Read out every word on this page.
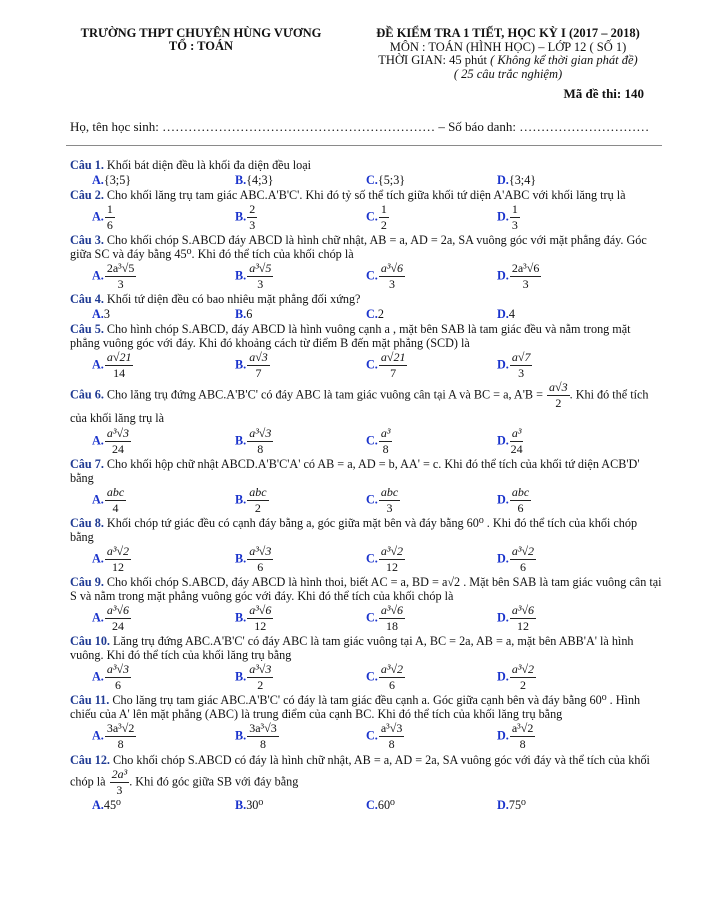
TRƯỜNG THPT CHUYÊN HÙNG VƯƠNG
TỔ : TOÁN
ĐỀ KIỂM TRA 1 TIẾT, HỌC KỲ I (2017 – 2018)
MÔN : TOÁN (HÌNH HỌC) – LỚP 12 ( SỐ 1)
THỜI GIAN: 45 phút ( Không kể thời gian phát đề)
( 25 câu trắc nghiệm)
Mã đề thi: 140
Họ, tên học sinh: ……………………………………………………… – Số báo danh: …………………………
Câu 1. Khối bát diện đều là khối đa diện đều loại
A.{3;5}	B.{4;3}	C.{5;3}	D.{3;4}
Câu 2. Cho khối lăng trụ tam giác ABC.A'B'C'. Khi đó tỷ số thể tích giữa khối tứ diện A'ABC với khối lăng trụ là
A. $\frac{1}{6}$	B. $\frac{2}{3}$	C. $\frac{1}{2}$	D. $\frac{1}{3}$
Câu 3. Cho khối chóp S.ABCD đáy ABCD là hình chữ nhật, AB = a, AD = 2a, SA vuông góc với mặt phẳng đáy. Góc giữa SC và đáy bằng 45⁰. Khi đó thể tích của khối chóp là
A. $\frac{\text{2a³√5}}{3}$	B. $\frac{\text{a³√5}}{3}$	C. $\frac{\text{a³√6}}{3}$	D. $\frac{\text{2a³√6}}{3}$
Câu 4. Khối tứ diện đều có bao nhiêu mặt phẳng đối xứng?
A.3	B.6	C.2	D.4
Câu 5. Cho hình chóp S.ABCD, đáy ABCD là hình vuông cạnh a , mặt bên SAB là tam giác đều và nằm trong mặt phẳng vuông góc với đáy. Khi đó khoảng cách từ điểm B đến mặt phẳng (SCD) là
A. $\frac{a√21}{14}$	B. $\frac{a√3}{7}$	C. $\frac{a√21}{7}$	D. $\frac{a√7}{3}$
Câu 6. Cho lăng trụ đứng ABC.A'B'C' có đáy ABC là tam giác vuông cân tại A và BC = a, $A'B = \frac{a√3}{2}$ . Khi đó thể tích của khối lăng trụ là
A. $\frac{\text{a³√3}}{24}$	B. $\frac{\text{a³√3}}{8}$	C. $\frac{\text{a³}}{8}$	D. $\frac{\text{a³}}{24}$
Câu 7. Cho khối hộp chữ nhật ABCD.A'B'C'A' có AB = a, AD = b, AA' = c. Khi đó thể tích của khối tứ diện ACB'D' bằng
A. $\frac{\text{abc}}{4}$	B. $\frac{\text{abc}}{2}$	C. $\frac{\text{abc}}{3}$	D. $\frac{\text{abc}}{6}$
Câu 8. Khối chóp tứ giác đều có cạnh đáy bằng a, góc giữa mặt bên và đáy bằng 60⁰ . Khi đó thể tích của khối chóp bằng
A. $\frac{\text{a³√2}}{12}$	B. $\frac{\text{a³√3}}{6}$	C. $\frac{\text{a³√2}}{12}$	D. $\frac{\text{a³√2}}{6}$
Câu 9. Cho khối chóp S.ABCD, đáy ABCD là hình thoi, biết AC = a, BD = a√2 . Mặt bên SAB là tam giác vuông cân tại S và nằm trong mặt phẳng vuông góc với đáy. Khi đó thể tích của khối chóp là
A. $\frac{\text{a³√6}}{24}$	B. $\frac{\text{a³√6}}{12}$	C. $\frac{\text{a³√6}}{18}$	D. $\frac{\text{a³√6}}{12}$
Câu 10. Lăng trụ đứng ABC.A'B'C' có đáy ABC là tam giác vuông tại A, BC = 2a, AB = a, mặt bên ABB'A' là hình vuông. Khi đó thể tích của khối lăng trụ bằng
A. $\frac{\text{a³√3}}{6}$	B. $\frac{\text{a³√3}}{2}$	C. $\frac{\text{a³√2}}{6}$	D. $\frac{\text{a³√2}}{2}$
Câu 11. Cho lăng trụ tam giác ABC.A'B'C' có đáy là tam giác đều cạnh a. Góc giữa cạnh bên và đáy bằng 60⁰ . Hình chiếu của A' lên mặt phẳng (ABC) là trung điểm của cạnh BC. Khi đó thể tích của khối lăng trụ bằng
A. $\frac{\text{3a³√2}}{8}$	B. $\frac{\text{3a³√3}}{8}$	C. $\frac{\text{a³√3}}{8}$	D. $\frac{\text{a³√2}}{8}$
Câu 12. Cho khối chóp S.ABCD có đáy là hình chữ nhật, AB = a, AD = 2a, SA vuông góc với đáy và thể tích của khối chóp là $\frac{\text{2a³}}{3}$ . Khi đó góc giữa SB với đáy bằng
A.45⁰	B.30⁰	C.60⁰	D.75⁰
